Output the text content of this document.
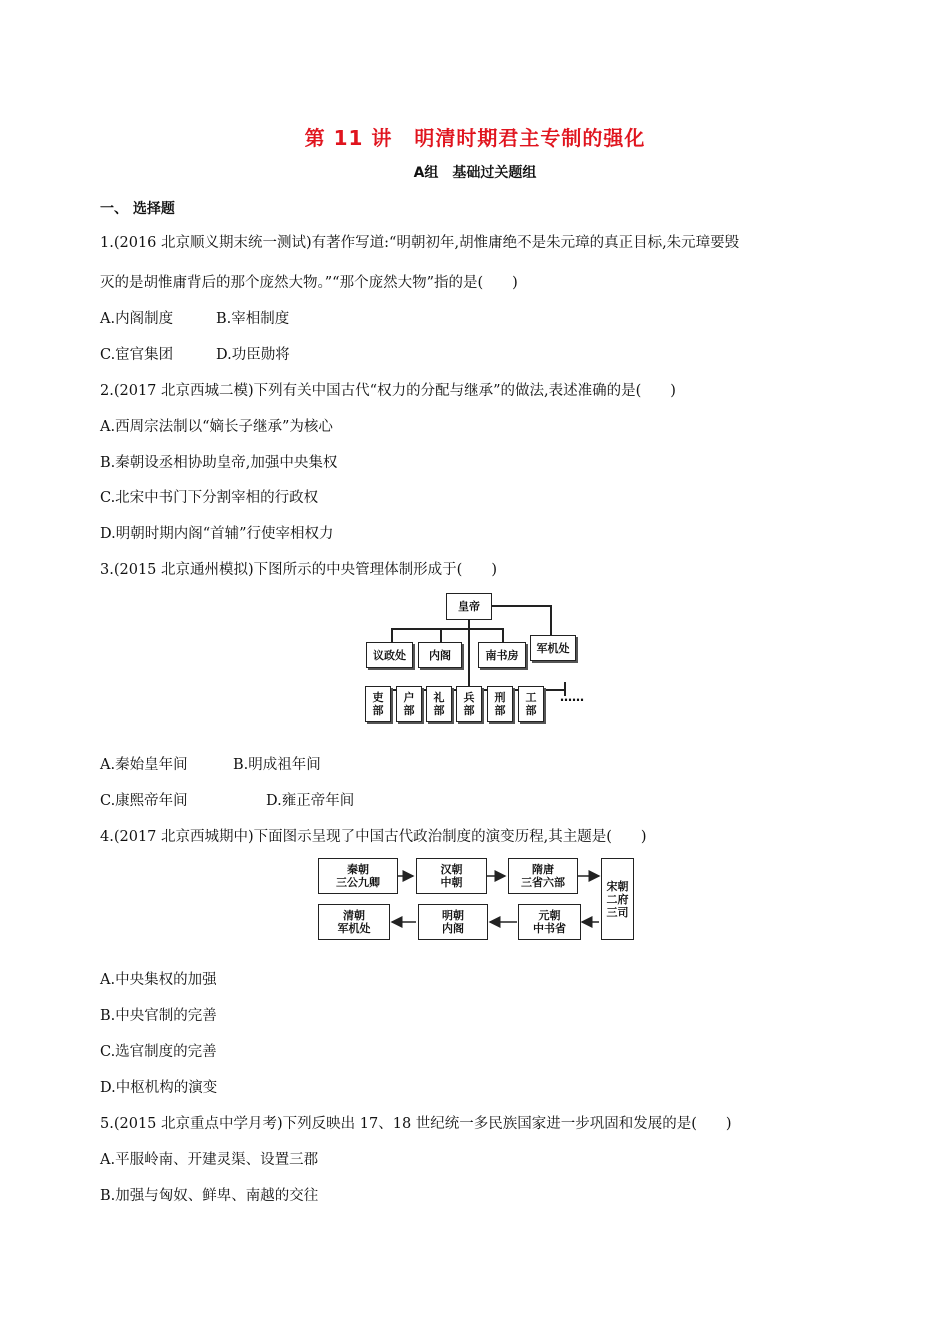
第 11 讲 明清时期君主专制的强化
A组 基础过关题组
一、 选择题
1.(2016 北京顺义期末统一测试)有著作写道:“明朝初年,胡惟庸绝不是朱元璋的真正目标,朱元璋要毁
灭的是胡惟庸背后的那个庞然大物。”“那个庞然大物”指的是(　　)
A.内阁制度	B.宰相制度
C.宦官集团	D.功臣勋将
2.(2017 北京西城二模)下列有关中国古代“权力的分配与继承”的做法,表述准确的是(　　)
A.西周宗法制以“嫡长子继承”为核心
B.秦朝设丞相协助皇帝,加强中央集权
C.北宋中书门下分割宰相的行政权
D.明朝时期内阁“首辅”行使宰相权力
3.(2015 北京通州模拟)下图所示的中央管理体制形成于(　　)
皇帝
议政处	内阁	南书房
军机处
吏
部
户
部
礼
部
兵
部
刑
部
工
部
……
A.秦始皇年间	B.明成祖年间
C.康熙帝年间	D.雍正帝年间
4.(2017 北京西城期中)下面图示呈现了中国古代政治制度的演变历程,其主题是(　　)
秦朝
三公九卿
汉朝
中朝
隋唐
三省六部	宋朝
二府
三司
元朝
中书省
明朝
内阁
清朝
军机处
A.中央集权的加强
B.中央官制的完善
C.选官制度的完善
D.中枢机构的演变
5.(2015 北京重点中学月考)下列反映出 17、18 世纪统一多民族国家进一步巩固和发展的是(　　)
A.平服岭南、开建灵渠、设置三郡
B.加强与匈奴、鲜卑、南越的交往
